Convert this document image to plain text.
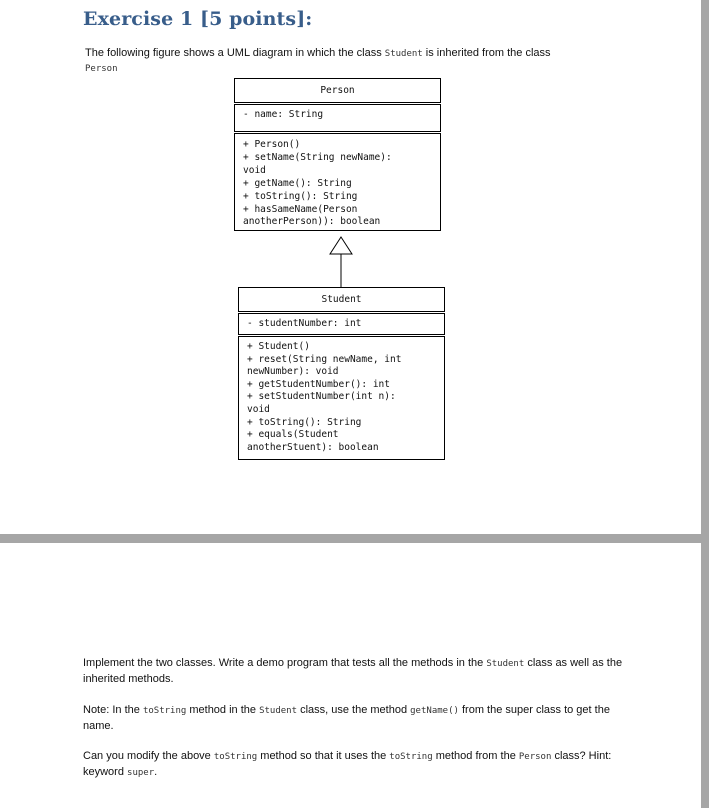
Exercise 1 [5 points]:
The following figure shows a UML diagram in which the class Student is inherited from the class
Person
Person
- name: String
+ Person()
+ setName(String newName):
void
+ getName(): String
+ toString(): String
+ hasSameName(Person
anotherPerson)): boolean
Student
- studentNumber: int
+ Student()
+ reset(String newName, int
newNumber): void
+ getStudentNumber(): int
+ setStudentNumber(int n):
void
+ toString(): String
+ equals(Student
anotherStuent): boolean

Implement the two classes. Write a demo program that tests all the methods in the Student class as well as the inherited methods.

Note: In the toString method in the Student class, use the method getName() from the super class to get the name.

Can you modify the above toString method so that it uses the toString method from the Person class? Hint: keyword super.
